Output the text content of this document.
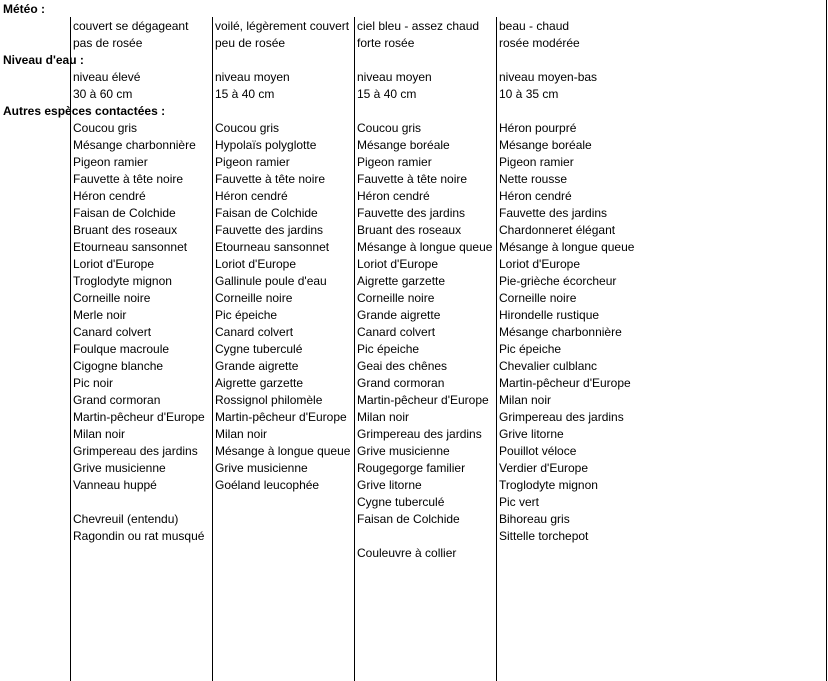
Météo :
Niveau d'eau :
Autres espèces contactées :
couvert se dégageant
pas de rosée
niveau élevé
30 à 60 cm
Coucou gris
Mésange charbonnière
Pigeon ramier
Fauvette à tête noire
Héron cendré
Faisan de Colchide
Bruant des roseaux
Etourneau sansonnet
Loriot d'Europe
Troglodyte mignon
Corneille noire
Merle noir
Canard colvert
Foulque macroule
Cigogne blanche
Pic noir
Grand cormoran
Martin-pêcheur d'Europe
Milan noir
Grimpereau des jardins
Grive musicienne
Vanneau huppé
Chevreuil (entendu)
Ragondin ou rat musqué
voilé, légèrement couvert
peu de rosée
niveau moyen
15 à 40 cm
Coucou gris
Hypolaïs polyglotte
Pigeon ramier
Fauvette à tête noire
Héron cendré
Faisan de Colchide
Fauvette des jardins
Etourneau sansonnet
Loriot d'Europe
Gallinule poule d'eau
Corneille noire
Pic épeiche
Canard colvert
Cygne tuberculé
Grande aigrette
Aigrette garzette
Rossignol philomèle
Martin-pêcheur d'Europe
Milan noir
Mésange à longue queue
Grive musicienne
Goéland leucophée
ciel bleu - assez chaud
forte rosée
niveau moyen
15 à 40 cm
Coucou gris
Mésange boréale
Pigeon ramier
Fauvette à tête noire
Héron cendré
Fauvette des jardins
Bruant des roseaux
Mésange à longue queue
Loriot d'Europe
Aigrette garzette
Corneille noire
Grande aigrette
Canard colvert
Pic épeiche
Geai des chênes
Grand cormoran
Martin-pêcheur d'Europe
Milan noir
Grimpereau des jardins
Grive musicienne
Rougegorge familier
Grive litorne
Cygne tuberculé
Faisan de Colchide
Couleuvre à collier
beau - chaud
rosée modérée
niveau moyen-bas
10 à 35 cm
Héron pourpré
Mésange boréale
Pigeon ramier
Nette rousse
Héron cendré
Fauvette des jardins
Chardonneret élégant
Mésange à longue queue
Loriot d'Europe
Pie-grièche écorcheur
Corneille noire
Hirondelle rustique
Mésange charbonnière
Pic épeiche
Chevalier culblanc
Martin-pêcheur d'Europe
Milan noir
Grimpereau des jardins
Grive litorne
Pouillot véloce
Verdier d'Europe
Troglodyte mignon
Pic vert
Bihoreau gris
Sittelle torchepot
